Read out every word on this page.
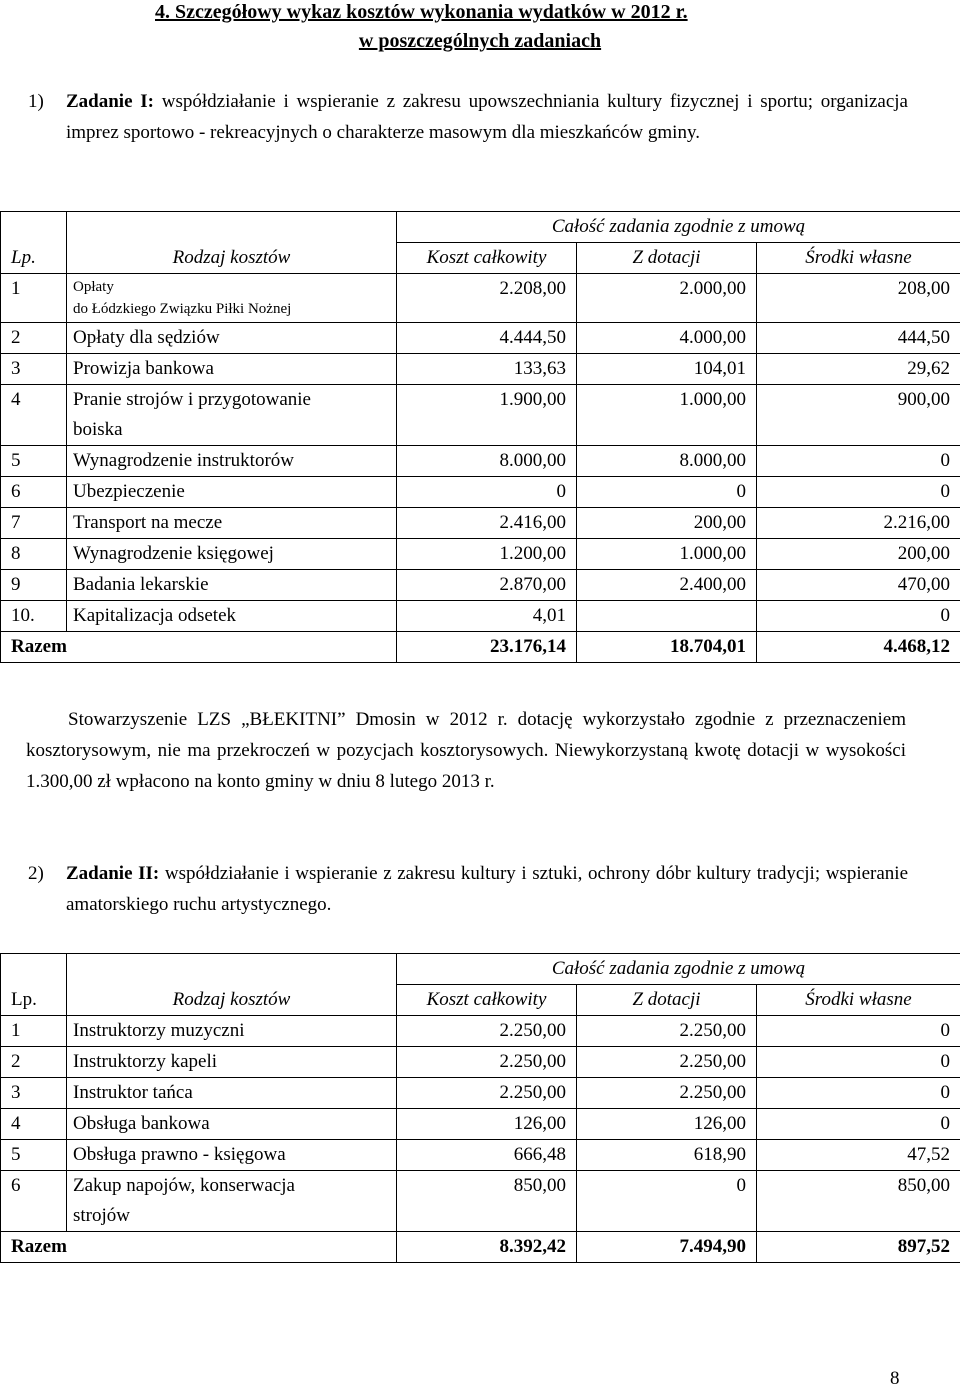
4. Szczegółowy wykaz kosztów wykonania wydatków w 2012 r.
w poszczególnych zadaniach
1) Zadanie I: współdziałanie i wspieranie z zakresu upowszechniania kultury fizycznej i sportu; organizacja imprez sportowo - rekreacyjnych o charakterze masowym dla mieszkańców gminy.
		Całość zadania zgodnie z umową		
Lp.	Rodzaj kosztów	Koszt całkowity	Z dotacji	Środki własne
1	Opłaty
do Łódzkiego Związku Piłki Nożnej	2.208,00	2.000,00	208,00
2	Opłaty dla sędziów	4.444,50	4.000,00	444,50
3	Prowizja bankowa	133,63	104,01	29,62
4	Pranie strojów i przygotowanie
boiska	1.900,00	1.000,00	900,00
5	Wynagrodzenie instruktorów	8.000,00	8.000,00	0
6	Ubezpieczenie	0	0	0
7	Transport na mecze	2.416,00	200,00	2.216,00
8	Wynagrodzenie księgowej	1.200,00	1.000,00	200,00
9	Badania lekarskie	2.870,00	2.400,00	470,00
10.	Kapitalizacja odsetek	4,01		0
Razem		23.176,14	18.704,01	4.468,12
Stowarzyszenie LZS „BŁEKITNI” Dmosin w 2012 r. dotację wykorzystało zgodnie z przeznaczeniem kosztorysowym, nie ma przekroczeń w pozycjach kosztorysowych. Niewykorzystaną kwotę dotacji w wysokości 1.300,00 zł wpłacono na konto gminy w dniu 8 lutego 2013 r.
2) Zadanie II: współdziałanie i wspieranie z zakresu kultury i sztuki, ochrony dóbr kultury tradycji; wspieranie amatorskiego ruchu artystycznego.
		Całość zadania zgodnie z umową		
Lp.	Rodzaj kosztów	Koszt całkowity	Z dotacji	Środki własne
1	Instruktorzy muzyczni	2.250,00	2.250,00	0
2	Instruktorzy kapeli	2.250,00	2.250,00	0
3	Instruktor tańca	2.250,00	2.250,00	0
4	Obsługa bankowa	126,00	126,00	0
5	Obsługa prawno - księgowa	666,48	618,90	47,52
6	Zakup napojów, konserwacja
strojów	850,00	0	850,00
Razem		8.392,42	7.494,90	897,52
8
